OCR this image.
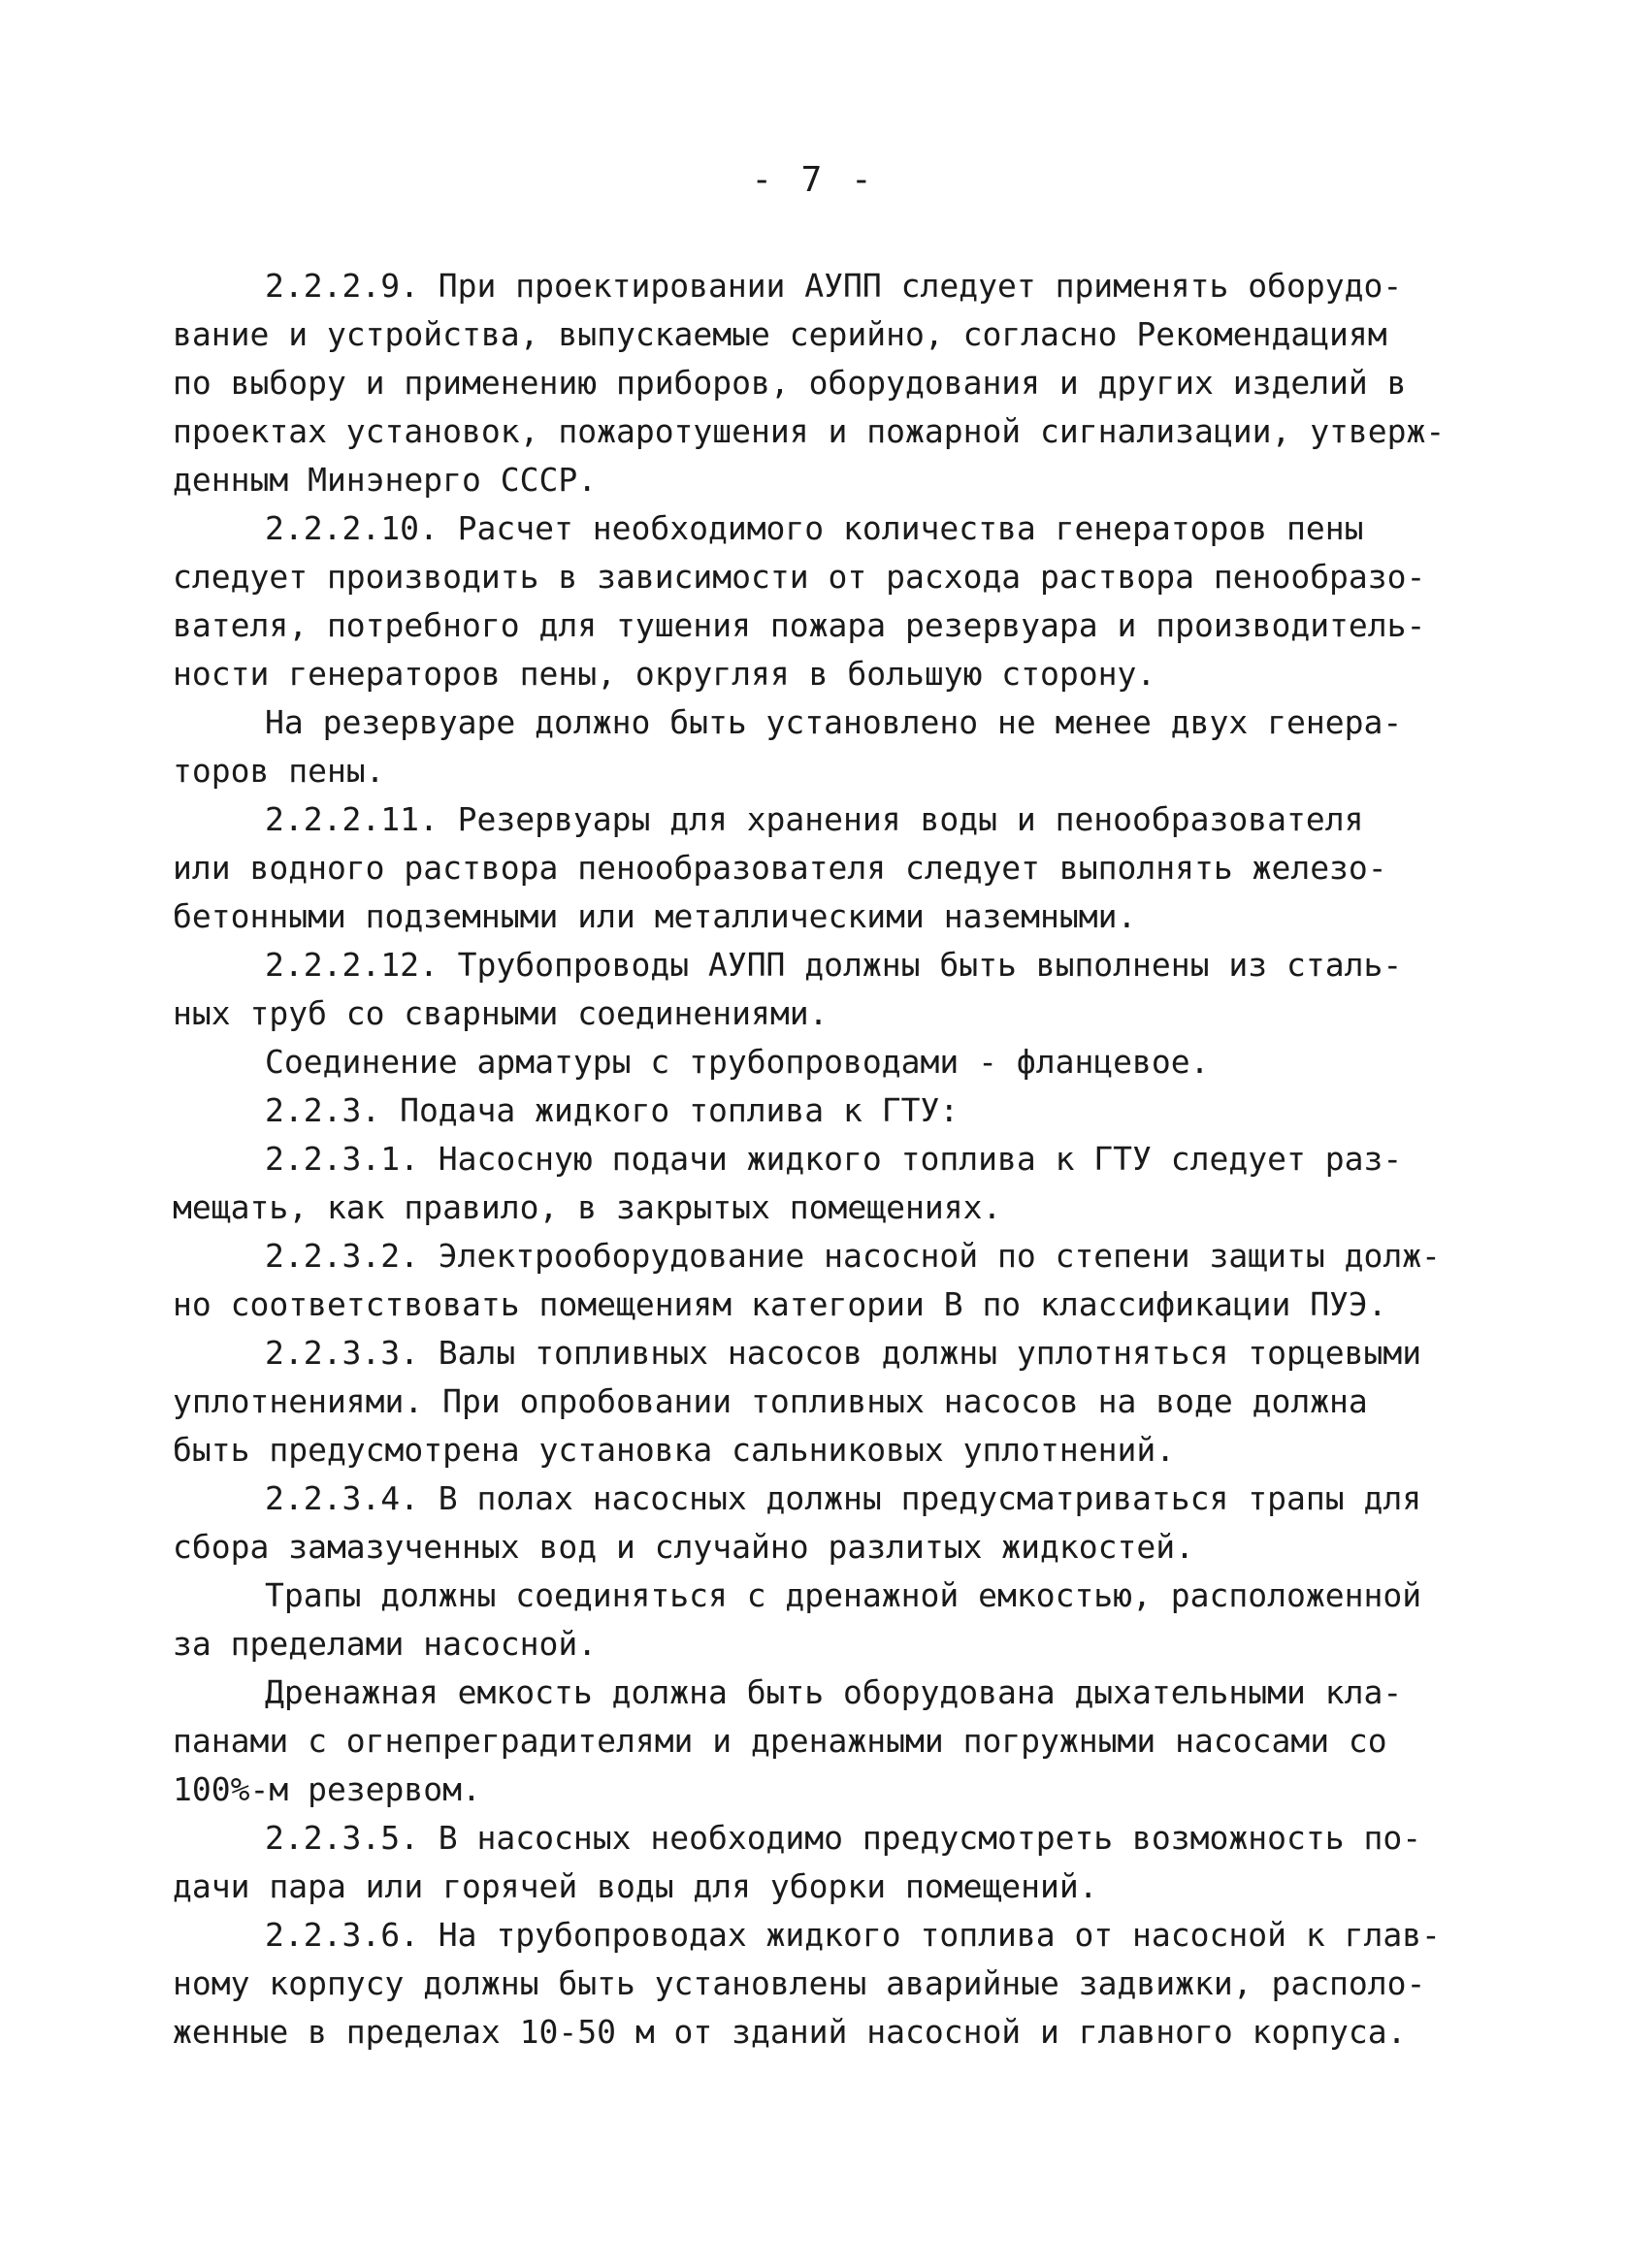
- 7 -
2.2.2.9. При проектировании АУПП следует применять оборудо-
вание и устройства, выпускаемые серийно, согласно Рекомендациям
по выбору и применению приборов, оборудования и других изделий в
проектах установок, пожаротушения и пожарной сигнализации, утверж-
денным Минэнерго СССР.
2.2.2.10. Расчет необходимого количества генераторов пены
следует производить в зависимости от расхода раствора пенообразо-
вателя, потребного для тушения пожара резервуара и производитель-
ности генераторов пены, округляя в большую сторону.
На резервуаре должно быть установлено не менее двух генера-
торов пены.
2.2.2.11. Резервуары для хранения воды и пенообразователя
или водного раствора пенообразователя следует выполнять железо-
бетонными подземными или металлическими наземными.
2.2.2.12. Трубопроводы АУПП должны быть выполнены из сталь-
ных труб со сварными соединениями.
Соединение арматуры с трубопроводами - фланцевое.
2.2.3. Подача жидкого топлива к ГТУ:
2.2.3.1. Насосную подачи жидкого топлива к ГТУ следует раз-
мещать, как правило, в закрытых помещениях.
2.2.3.2. Электрооборудование насосной по степени защиты долж-
но соответствовать помещениям категории В по классификации ПУЭ.
2.2.3.3. Валы топливных насосов должны уплотняться торцевыми
уплотнениями. При опробовании топливных насосов на воде должна
быть предусмотрена установка сальниковых уплотнений.
2.2.3.4. В полах насосных должны предусматриваться трапы для
сбора замазученных вод и случайно разлитых жидкостей.
Трапы должны соединяться с дренажной емкостью, расположенной
за пределами насосной.
Дренажная емкость должна быть оборудована дыхательными кла-
панами с огнепреградителями и дренажными погружными насосами со
100%-м резервом.
2.2.3.5. В насосных необходимо предусмотреть возможность по-
дачи пара или горячей воды для уборки помещений.
2.2.3.6. На трубопроводах жидкого топлива от насосной к глав-
ному корпусу должны быть установлены аварийные задвижки, располо-
женные в пределах 10-50 м от зданий насосной и главного корпуса.
